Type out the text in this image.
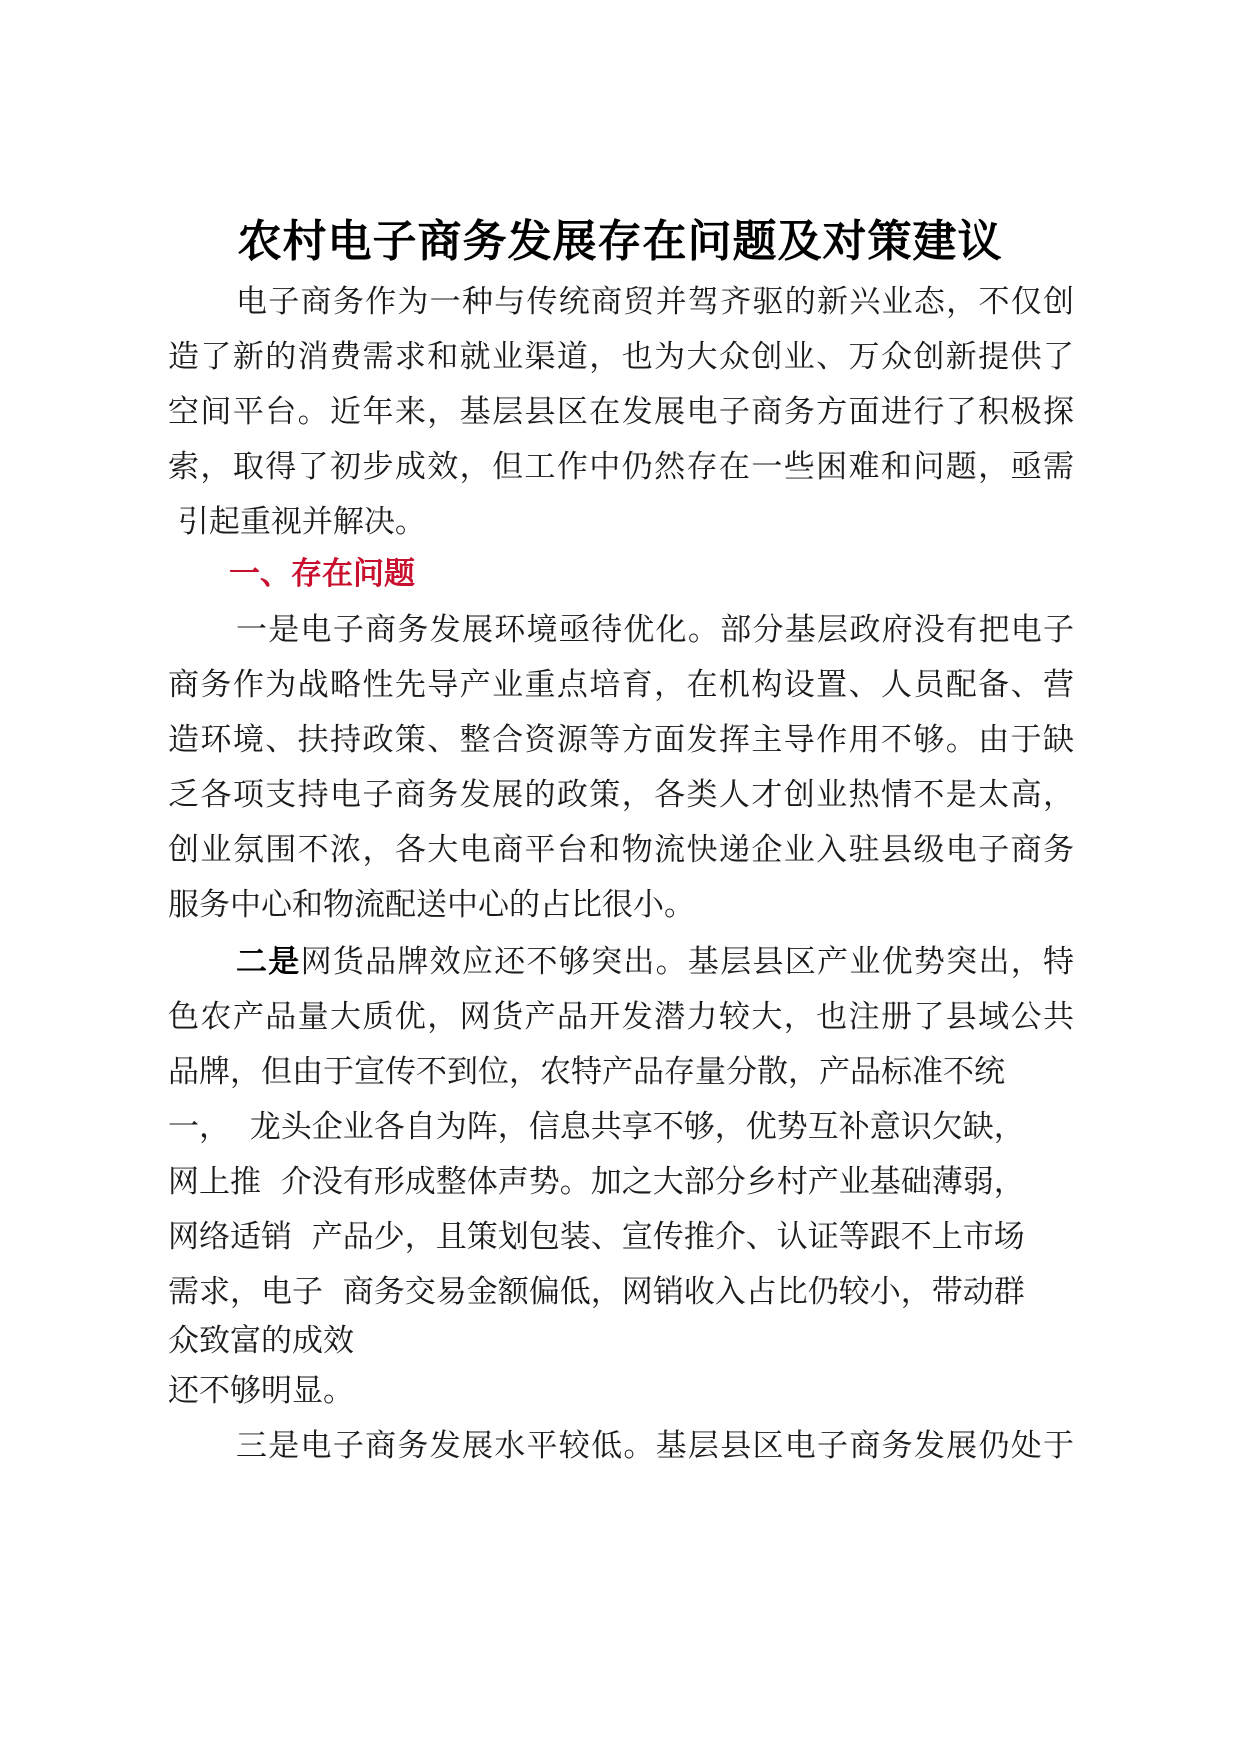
农村电子商务发展存在问题及对策建议
电子商务作为一种与传统商贸并驾齐驱的新兴业态，不仅创
造了新的消费需求和就业渠道，也为大众创业、万众创新提供了
空间平台。近年来，基层县区在发展电子商务方面进行了积极探
索，取得了初步成效，但工作中仍然存在一些困难和问题，亟需
引起重视并解决。
一、存在问题
一是电子商务发展环境亟待优化。部分基层政府没有把电子
商务作为战略性先导产业重点培育，在机构设置、人员配备、营
造环境、扶持政策、整合资源等方面发挥主导作用不够。由于缺
乏各项支持电子商务发展的政策，各类人才创业热情不是太高，
创业氛围不浓，各大电商平台和物流快递企业入驻县级电子商务
服务中心和物流配送中心的占比很小。
二是网货品牌效应还不够突出。基层县区产业优势突出，特
色农产品量大质优，网货产品开发潜力较大，也注册了县域公共
品牌，但由于宣传不到位，农特产品存量分散，产品标准不统
一，  龙头企业各自为阵，信息共享不够，优势互补意识欠缺，
网上推  介没有形成整体声势。加之大部分乡村产业基础薄弱，
网络适销  产品少，且策划包装、宣传推介、认证等跟不上市场
需求，电子  商务交易金额偏低，网销收入占比仍较小，带动群
众致富的成效
还不够明显。
三是电子商务发展水平较低。基层县区电子商务发展仍处于
